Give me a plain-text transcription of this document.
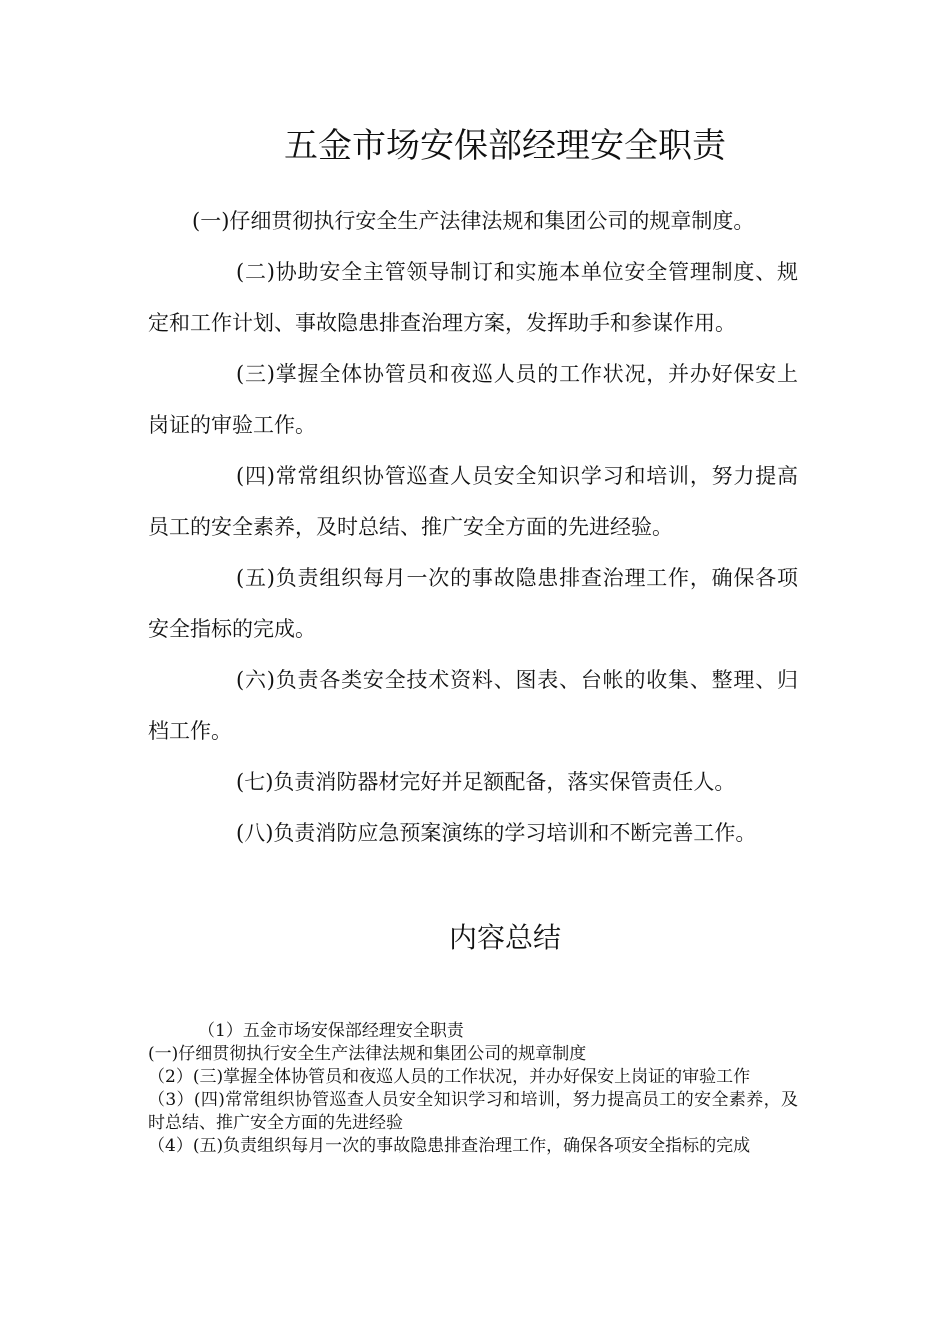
五金市场安保部经理安全职责

(一)仔细贯彻执行安全生产法律法规和集团公司的规章制度。

(二)协助安全主管领导制订和实施本单位安全管理制度、规定和工作计划、事故隐患排查治理方案，发挥助手和参谋作用。

(三)掌握全体协管员和夜巡人员的工作状况，并办好保安上岗证的审验工作。

(四)常常组织协管巡查人员安全知识学习和培训，努力提高员工的安全素养，及时总结、推广安全方面的先进经验。

(五)负责组织每月一次的事故隐患排查治理工作，确保各项安全指标的完成。

(六)负责各类安全技术资料、图表、台帐的收集、整理、归档工作。

(七)负责消防器材完好并足额配备，落实保管责任人。

(八)负责消防应急预案演练的学习培训和不断完善工作。

内容总结

（1）五金市场安保部经理安全职责

(一)仔细贯彻执行安全生产法律法规和集团公司的规章制度

（2）(三)掌握全体协管员和夜巡人员的工作状况，并办好保安上岗证的审验工作

（3）(四)常常组织协管巡查人员安全知识学习和培训，努力提高员工的安全素养，及时总结、推广安全方面的先进经验

（4）(五)负责组织每月一次的事故隐患排查治理工作，确保各项安全指标的完成
